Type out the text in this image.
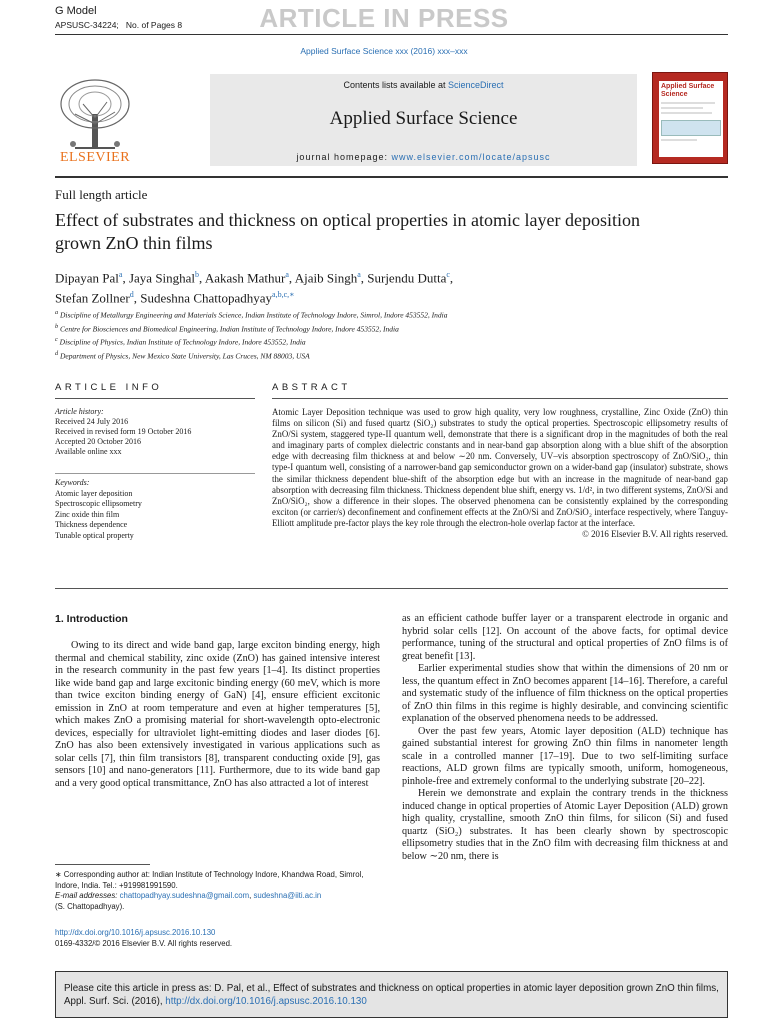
G Model
APSUSC-34224; No. of Pages 8	ARTICLE IN PRESS
Applied Surface Science xxx (2016) xxx–xxx
ELSEVIER
Contents lists available at ScienceDirect
Applied Surface Science
journal homepage: www.elsevier.com/locate/apsusc
Applied Surface Science
Full length article
Effect of substrates and thickness on optical properties in atomic layer deposition grown ZnO thin films
Dipayan Pal$^a$, Jaya Singhal$^b$, Aakash Mathur$^a$, Ajaib Singh$^a$, Surjendu Dutta$^c$,
Stefan Zollner$^d$, Sudeshna Chattopadhyay$^{a,b,c,∗}$
$^a$ Discipline of Metallurgy Engineering and Materials Science, Indian Institute of Technology Indore, Simrol, Indore 453552, India
$^b$ Centre for Biosciences and Biomedical Engineering, Indian Institute of Technology Indore, Indore 453552, India
$^c$ Discipline of Physics, Indian Institute of Technology Indore, Indore 453552, India
$^d$ Department of Physics, New Mexico State University, Las Cruces, NM 88003, USA
ARTICLE INFO	ABSTRACT
Article history:
Received 24 July 2016
Received in revised form 19 October 2016
Accepted 20 October 2016
Available online xxx
Keywords:
Atomic layer deposition
Spectroscopic ellipsometry
Zinc oxide thin film
Thickness dependence
Tunable optical property
Atomic Layer Deposition technique was used to grow high quality, very low roughness, crystalline, Zinc Oxide (ZnO) thin films on silicon (Si) and fused quartz (SiO₂) substrates to study the optical properties. Spectroscopic ellipsometry results of ZnO/Si system, staggered type-II quantum well, demonstrate that there is a significant drop in the magnitudes of both the real and imaginary parts of complex dielectric constants and in near-band gap absorption along with a blue shift of the absorption edge with decreasing film thickness at and below ∼20 nm. Conversely, UV–vis absorption spectroscopy of ZnO/SiO₂, thin type-I quantum well, consisting of a narrower-band gap semiconductor grown on a wider-band gap (insulator) substrate, shows the similar thickness dependent blue-shift of the absorption edge but with an increase in the magnitude of near-band gap absorption with decreasing film thickness. Thickness dependent blue shift, energy vs. 1/d², in two different systems, ZnO/Si and ZnO/SiO₂, show a difference in their slopes. The observed phenomena can be consistently explained by the corresponding exciton (or carrier/s) deconfinement and confinement effects at the ZnO/Si and ZnO/SiO₂ interface respectively, where Tanguy-Elliott amplitude pre-factor plays the key role through the electron-hole overlap factor at the interface.
© 2016 Elsevier B.V. All rights reserved.
1. Introduction

Owing to its direct and wide band gap, large exciton binding energy, high thermal and chemical stability, zinc oxide (ZnO) has gained intensive interest in the research community in the past few years [1–4]. Its distinct properties like wide band gap and large excitonic binding energy (60 meV, which is more than twice exciton binding energy of GaN) [4], ensure efficient excitonic emission in ZnO at room temperature and even at higher temperatures [5], which makes ZnO a promising material for short-wavelength opto-electronic devices, especially for ultraviolet light-emitting diodes and laser diodes [6]. ZnO has also been extensively investigated in various applications such as solar cells [7], thin film transistors [8], transparent conducting oxide [9], gas sensors [10] and nano-generators [11]. Furthermore, due to its wide band gap and a very good optical transmittance, ZnO has also attracted a lot of interest

as an efficient cathode buffer layer or a transparent electrode in organic and hybrid solar cells [12]. On account of the above facts, for optimal device performance, tuning of the structural and optical properties of ZnO films is of great benefit [13].

Earlier experimental studies show that within the dimensions of 20 nm or less, the quantum effect in ZnO becomes apparent [14–16]. Therefore, a careful and systematic study of the influence of film thickness on the optical properties of ZnO thin films in this regime is highly desirable, and convincing scientific explanation of the observed phenomena needs to be addressed.

Over the past few years, Atomic layer deposition (ALD) technique has gained substantial interest for growing ZnO thin films in nanometer length scale in a controlled manner [17–19]. Due to two self-limiting surface reactions, ALD grown films are typically smooth, uniform, homogeneous, pinhole-free and extremely conformal to the underlying substrate [20–22].

Herein we demonstrate and explain the contrary trends in the thickness induced change in optical properties of Atomic Layer Deposition (ALD) grown high quality, crystalline, smooth ZnO thin films, for silicon (Si) and fused quartz (SiO₂) substrates. It has been clearly shown by spectroscopic ellipsometry studies that in the ZnO film with decreasing film thickness at and below ∼20 nm, there is

∗ Corresponding author at: Indian Institute of Technology Indore, Khandwa Road, Simrol, Indore, India. Tel.: +919981991590.
E-mail addresses: chattopadhyay.sudeshna@gmail.com, sudeshna@iiti.ac.in
(S. Chattopadhyay).
http://dx.doi.org/10.1016/j.apsusc.2016.10.130
0169-4332/© 2016 Elsevier B.V. All rights reserved.
Please cite this article in press as: D. Pal, et al., Effect of substrates and thickness on optical properties in atomic layer deposition grown ZnO thin films, Appl. Surf. Sci. (2016), http://dx.doi.org/10.1016/j.apsusc.2016.10.130
